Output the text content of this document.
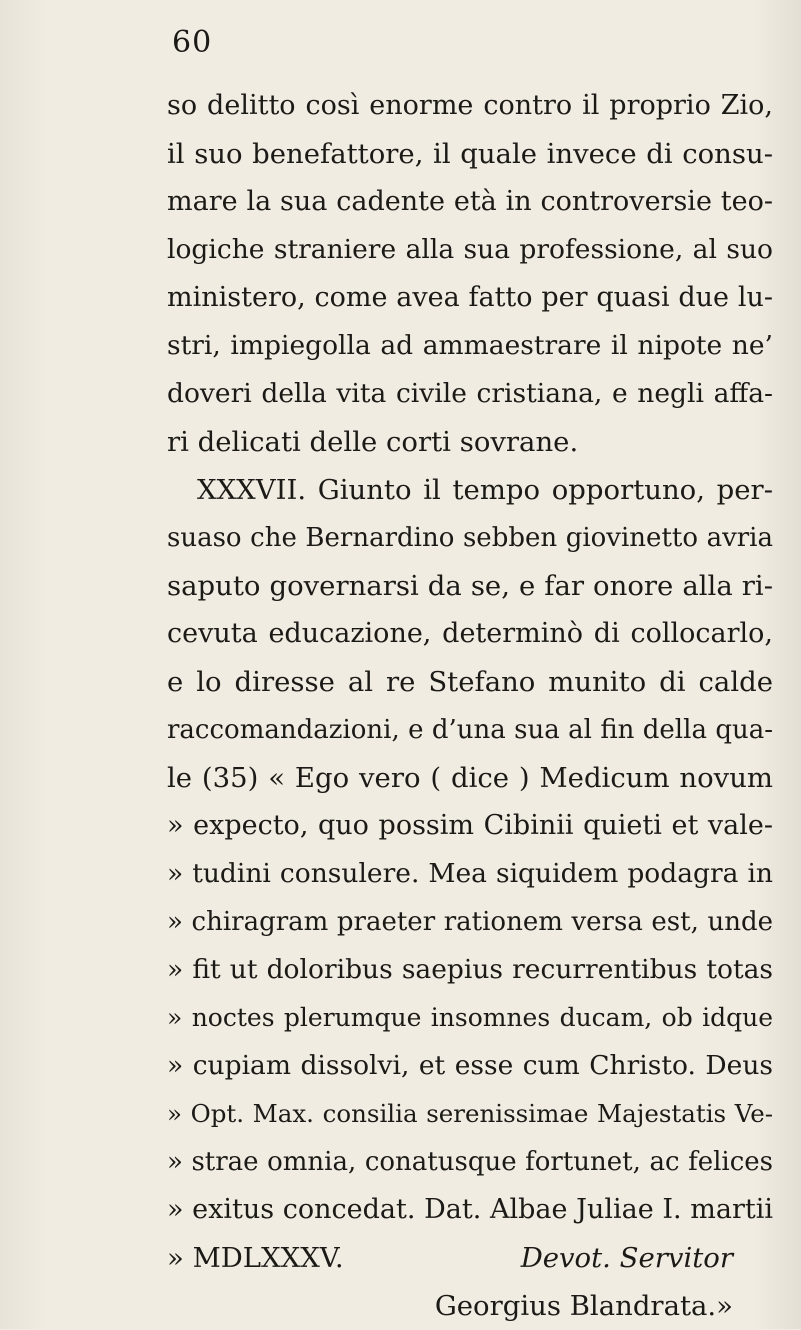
60
so delitto così enorme contro il proprio Zio,
il suo benefattore, il quale invece di consu-
mare la sua cadente età in controversie teo-
logiche straniere alla sua professione, al suo
ministero, come avea fatto per quasi due lu-
stri, impiegolla ad ammaestrare il nipote ne’
doveri della vita civile cristiana, e negli affa-
ri delicati delle corti sovrane.
XXXVII. Giunto il tempo opportuno, per-
suaso che Bernardino sebben giovinetto avria
saputo governarsi da se, e far onore alla ri-
cevuta educazione, determinò di collocarlo,
e lo diresse al re Stefano munito di calde
raccomandazioni, e d’una sua al fin della qua-
le (35) « Ego vero ( dice ) Medicum novum
» expecto, quo possim Cibinii quieti et vale-
» tudini consulere. Mea siquidem podagra in
» chiragram praeter rationem versa est, unde
» fit ut doloribus saepius recurrentibus totas
» noctes plerumque insomnes ducam, ob idque
» cupiam dissolvi, et esse cum Christo. Deus
» Opt. Max. consilia serenissimae Majestatis Ve-
» strae omnia, conatusque fortunet, ac felices
» exitus concedat. Dat. Albae Juliae I. martii
» MDLXXXV.	Devot. Servitor
Georgius Blandrata.»
